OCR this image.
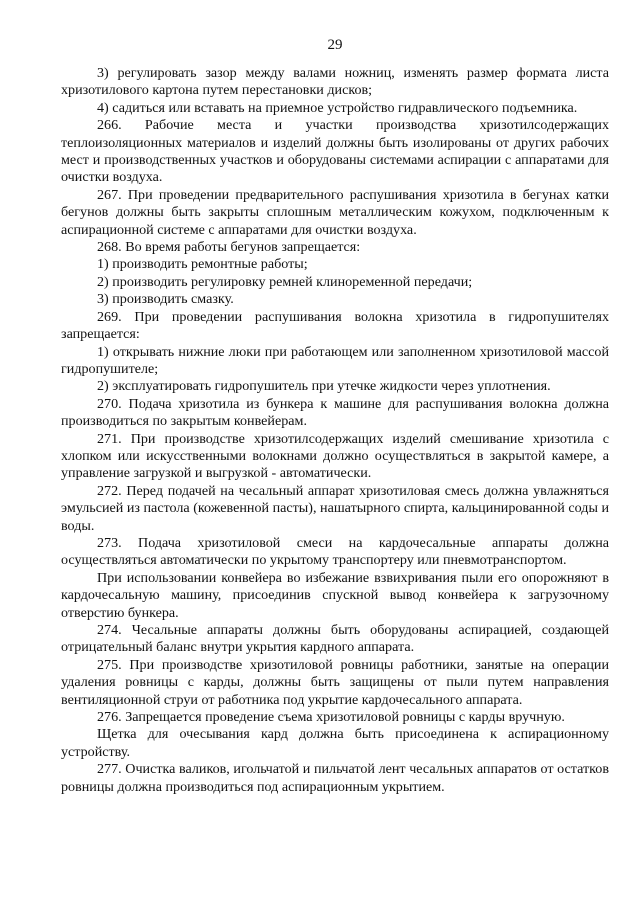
29

3) регулировать зазор между валами ножниц, изменять размер формата листа хризотилового картона путем перестановки дисков;

4) садиться или вставать на приемное устройство гидравлического подъемника.

266. Рабочие места и участки производства хризотилсодержащих теплоизоляционных материалов и изделий должны быть изолированы от других рабочих мест и производственных участков и оборудованы системами аспирации с аппаратами для очистки воздуха.

267. При проведении предварительного распушивания хризотила в бегунах катки бегунов должны быть закрыты сплошным металлическим кожухом, подключенным к аспирационной системе с аппаратами для очистки воздуха.

268. Во время работы бегунов запрещается:

1) производить ремонтные работы;

2) производить регулировку ремней клиноременной передачи;

3) производить смазку.

269. При проведении распушивания волокна хризотила в гидропушителях запрещается:

1) открывать нижние люки при работающем или заполненном хризотиловой массой гидропушителе;

2) эксплуатировать гидропушитель при утечке жидкости через уплотнения.

270. Подача хризотила из бункера к машине для распушивания волокна должна производиться по закрытым конвейерам.

271. При производстве хризотилсодержащих изделий смешивание хризотила с хлопком или искусственными волокнами должно осуществляться в закрытой камере, а управление загрузкой и выгрузкой - автоматически.

272. Перед подачей на чесальный аппарат хризотиловая смесь должна увлажняться эмульсией из пастола (кожевенной пасты), нашатырного спирта, кальцинированной соды и воды.

273. Подача хризотиловой смеси на кардочесальные аппараты должна осуществляться автоматически по укрытому транспортеру или пневмотранспортом.

При использовании конвейера во избежание взвихривания пыли его опорожняют в кардочесальную машину, присоединив спускной вывод конвейера к загрузочному отверстию бункера.

274. Чесальные аппараты должны быть оборудованы аспирацией, создающей отрицательный баланс внутри укрытия кардного аппарата.

275. При производстве хризотиловой ровницы работники, занятые на операции удаления ровницы с карды, должны быть защищены от пыли путем направления вентиляционной струи от работника под укрытие кардочесального аппарата.

276. Запрещается проведение съема хризотиловой ровницы с карды вручную.

Щетка для очесывания кард должна быть присоединена к аспирационному устройству.

277. Очистка валиков, игольчатой и пильчатой лент чесальных аппаратов от остатков ровницы должна производиться под аспирационным укрытием.
